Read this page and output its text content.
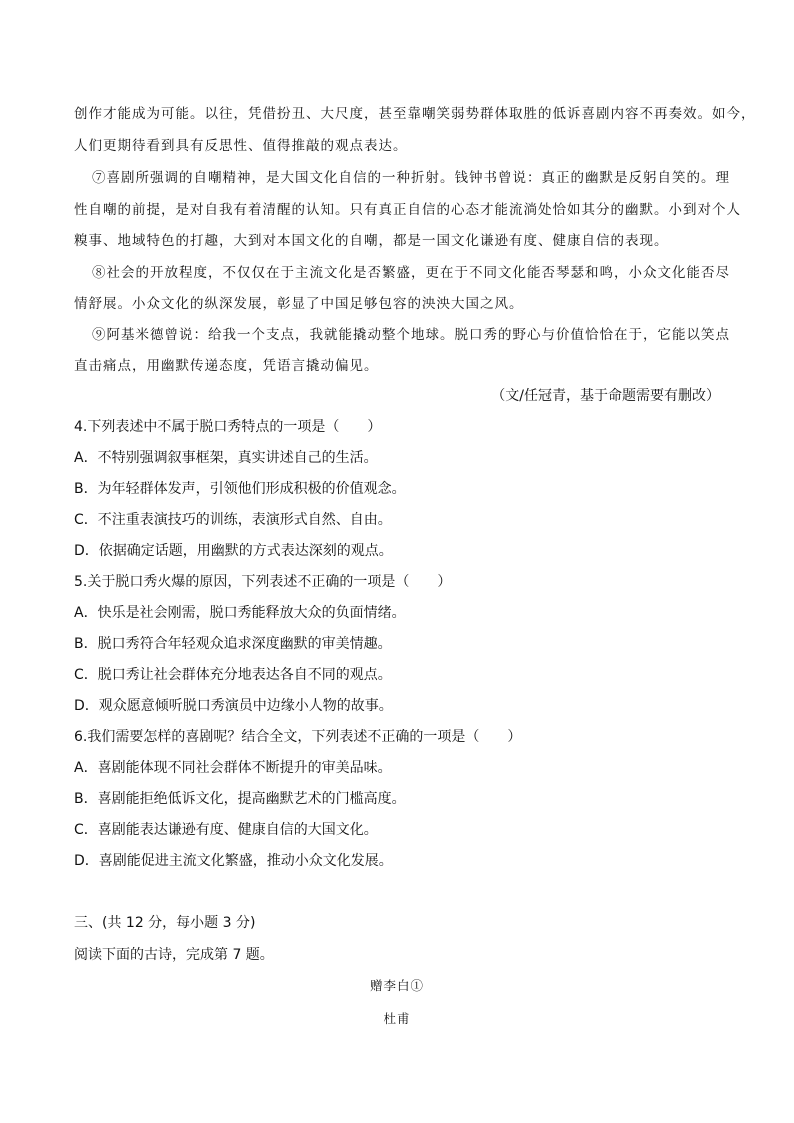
创作才能成为可能。以往，凭借扮丑、大尺度，甚至靠嘲笑弱势群体取胜的低诉喜剧内容不再奏效。如今，
人们更期待看到具有反思性、值得推敲的观点表达。
⑦喜剧所强调的自嘲精神，是大国文化自信的一种折射。钱钟书曾说：真正的幽默是反躬自笑的。理
性自嘲的前提，是对自我有着清醒的认知。只有真正自信的心态才能流淌处恰如其分的幽默。小到对个人
糗事、地域特色的打趣，大到对本国文化的自嘲，都是一国文化谦逊有度、健康自信的表现。
⑧社会的开放程度，不仅仅在于主流文化是否繁盛，更在于不同文化能否琴瑟和鸣，小众文化能否尽
情舒展。小众文化的纵深发展，彰显了中国足够包容的泱泱大国之风。
⑨阿基米德曾说：给我一个支点，我就能撬动整个地球。脱口秀的野心与价值恰恰在于，它能以笑点
直击痛点，用幽默传递态度，凭语言撬动偏见。
（文/任冠青，基于命题需要有删改）
4.下列表述中不属于脱口秀特点的一项是（　　）
A．不特别强调叙事框架，真实讲述自己的生活。
B．为年轻群体发声，引领他们形成积极的价值观念。
C．不注重表演技巧的训练，表演形式自然、自由。
D．依据确定话题，用幽默的方式表达深刻的观点。
5.关于脱口秀火爆的原因，下列表述不正确的一项是（　　）
A．快乐是社会刚需，脱口秀能释放大众的负面情绪。
B．脱口秀符合年轻观众追求深度幽默的审美情趣。
C．脱口秀让社会群体充分地表达各自不同的观点。
D．观众愿意倾听脱口秀演员中边缘小人物的故事。
6.我们需要怎样的喜剧呢？结合全文，下列表述不正确的一项是（　　）
A．喜剧能体现不同社会群体不断提升的审美品味。
B．喜剧能拒绝低诉文化，提高幽默艺术的门槛高度。
C．喜剧能表达谦逊有度、健康自信的大国文化。
D．喜剧能促进主流文化繁盛，推动小众文化发展。
三、(共 12 分，每小题 3 分)
阅读下面的古诗，完成第 7 题。
赠李白①
杜甫
